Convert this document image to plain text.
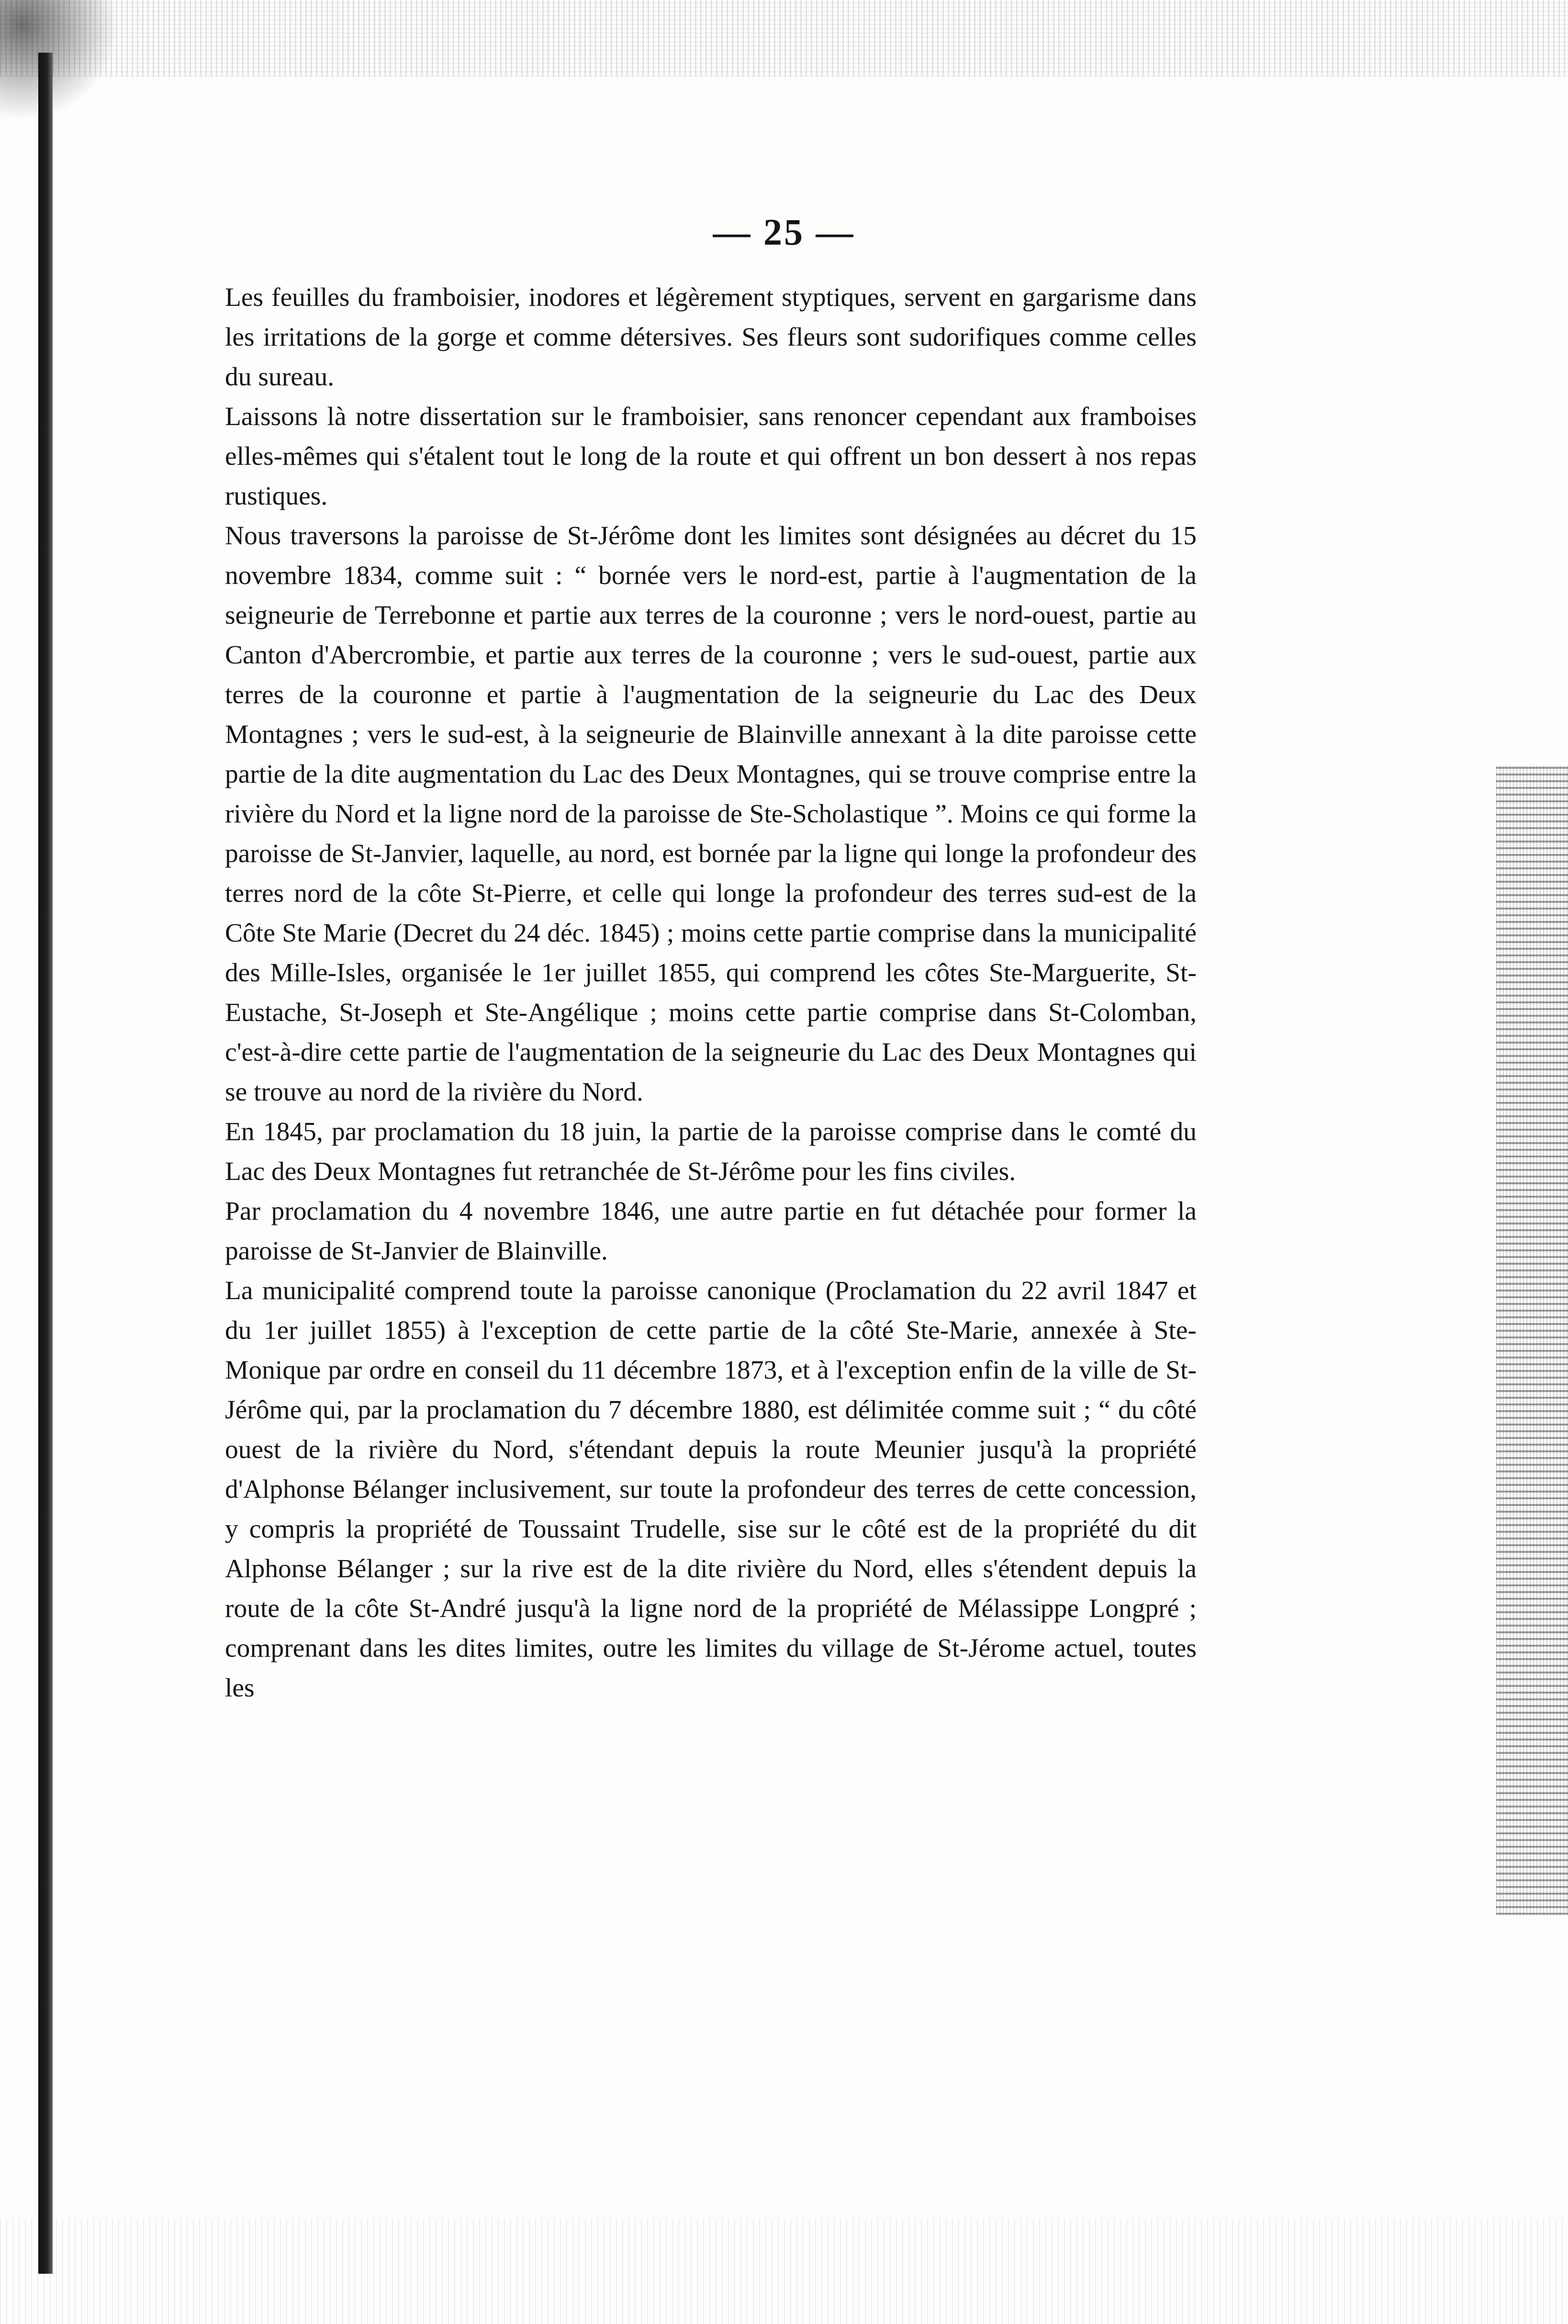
— 25 —

Les feuilles du framboisier, inodores et légèrement styptiques, servent en gargarisme dans les irritations de la gorge et comme détersives. Ses fleurs sont sudorifiques comme celles du sureau.

Laissons là notre dissertation sur le framboisier, sans renoncer cependant aux framboises elles-mêmes qui s'étalent tout le long de la route et qui offrent un bon dessert à nos repas rustiques.

Nous traversons la paroisse de St-Jérôme dont les limites sont désignées au décret du 15 novembre 1834, comme suit : “ bornée vers le nord-est, partie à l'augmentation de la seigneurie de Terrebonne et partie aux terres de la couronne ; vers le nord-ouest, partie au Canton d'Abercrombie, et partie aux terres de la couronne ; vers le sud-ouest, partie aux terres de la couronne et partie à l'augmentation de la seigneurie du Lac des Deux Montagnes ; vers le sud-est, à la seigneurie de Blainville annexant à la dite paroisse cette partie de la dite augmentation du Lac des Deux Montagnes, qui se trouve comprise entre la rivière du Nord et la ligne nord de la paroisse de Ste-Scholastique ”. Moins ce qui forme la paroisse de St-Janvier, laquelle, au nord, est bornée par la ligne qui longe la profondeur des terres nord de la côte St-Pierre, et celle qui longe la profondeur des terres sud-est de la Côte Ste Marie (Decret du 24 déc. 1845) ; moins cette partie comprise dans la municipalité des Mille-Isles, organisée le 1er juillet 1855, qui comprend les côtes Ste-Marguerite, St-Eustache, St-Joseph et Ste-Angélique ; moins cette partie comprise dans St-Colomban, c'est-à-dire cette partie de l'augmentation de la seigneurie du Lac des Deux Montagnes qui se trouve au nord de la rivière du Nord.

En 1845, par proclamation du 18 juin, la partie de la paroisse comprise dans le comté du Lac des Deux Montagnes fut retranchée de St-Jérôme pour les fins civiles.

Par proclamation du 4 novembre 1846, une autre partie en fut détachée pour former la paroisse de St-Janvier de Blainville.

La municipalité comprend toute la paroisse canonique (Proclamation du 22 avril 1847 et du 1er juillet 1855) à l'exception de cette partie de la côté Ste-Marie, annexée à Ste-Monique par ordre en conseil du 11 décembre 1873, et à l'exception enfin de la ville de St-Jérôme qui, par la proclamation du 7 décembre 1880, est délimitée comme suit ; “ du côté ouest de la rivière du Nord, s'étendant depuis la route Meunier jusqu'à la propriété d'Alphonse Bélanger inclusivement, sur toute la profondeur des terres de cette concession, y compris la propriété de Toussaint Trudelle, sise sur le côté est de la propriété du dit Alphonse Bélanger ; sur la rive est de la dite rivière du Nord, elles s'étendent depuis la route de la côte St-André jusqu'à la ligne nord de la propriété de Mélassippe Longpré ; comprenant dans les dites limites, outre les limites du village de St-Jérome actuel, toutes les
